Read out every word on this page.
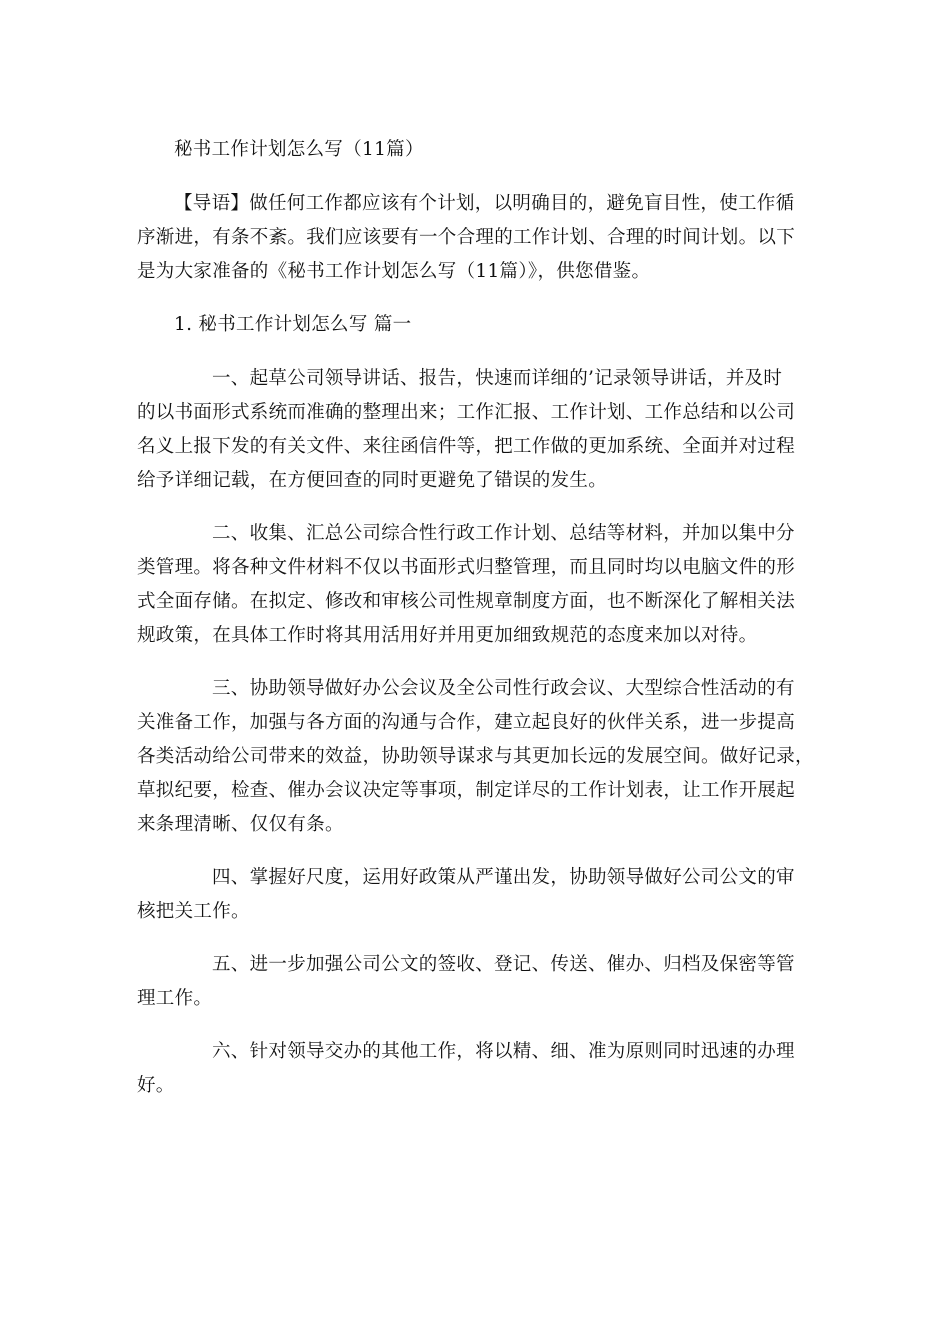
秘书工作计划怎么写（11篇）
【导语】做任何工作都应该有个计划，以明确目的，避免盲目性，使工作循
序渐进，有条不紊。我们应该要有一个合理的工作计划、合理的时间计划。以下
是为大家准备的《秘书工作计划怎么写（11篇）》，供您借鉴。
1. 秘书工作计划怎么写 篇一
一、起草公司领导讲话、报告，快速而详细的’记录领导讲话，并及时
的以书面形式系统而准确的整理出来；工作汇报、工作计划、工作总结和以公司
名义上报下发的有关文件、来往函信件等，把工作做的更加系统、全面并对过程
给予详细记载，在方便回查的同时更避免了错误的发生。
二、收集、汇总公司综合性行政工作计划、总结等材料，并加以集中分
类管理。将各种文件材料不仅以书面形式归整管理，而且同时均以电脑文件的形
式全面存储。在拟定、修改和审核公司性规章制度方面，也不断深化了解相关法
规政策，在具体工作时将其用活用好并用更加细致规范的态度来加以对待。
三、协助领导做好办公会议及全公司性行政会议、大型综合性活动的有
关准备工作，加强与各方面的沟通与合作，建立起良好的伙伴关系，进一步提高
各类活动给公司带来的效益，协助领导谋求与其更加长远的发展空间。做好记录，
草拟纪要，检查、催办会议决定等事项，制定详尽的工作计划表，让工作开展起
来条理清晰、仅仅有条。
四、掌握好尺度，运用好政策从严谨出发，协助领导做好公司公文的审
核把关工作。
五、进一步加强公司公文的签收、登记、传送、催办、归档及保密等管
理工作。
六、针对领导交办的其他工作，将以精、细、准为原则同时迅速的办理
好。
